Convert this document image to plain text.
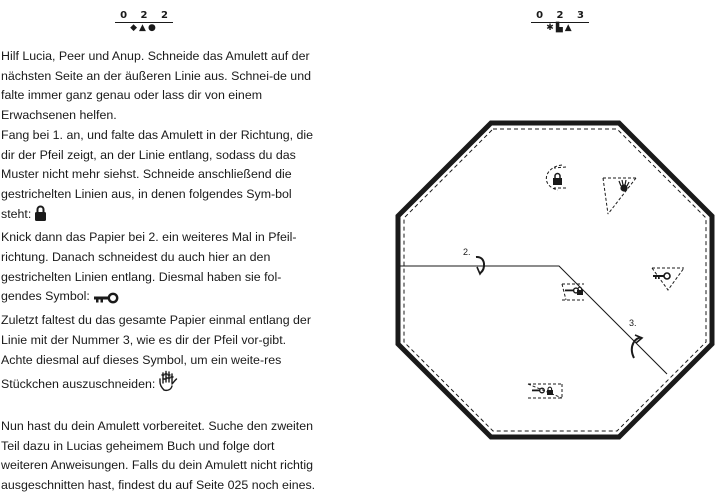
0 2 2
◆▲●
0 2 3
✱▙▲

Hilf Lucia, Peer und Anup. Schneide das Amulett auf der nächsten Seite an der äußeren Linie aus. Schnei-de und falte immer ganz genau oder lass dir von einem Erwachsenen helfen.

Fang bei 1. an, und falte das Amulett in der Richtung, die dir der Pfeil zeigt, an der Linie entlang, sodass du das Muster nicht mehr siehst. Schneide anschließend die gestrichelten Linien aus, in denen folgendes Sym-bol steht:

Knick dann das Papier bei 2. ein weiteres Mal in Pfeil-richtung. Danach schneidest du auch hier an den gestrichelten Linien entlang. Diesmal haben sie fol-gendes Symbol:

Zuletzt faltest du das gesamte Papier einmal entlang der Linie mit der Nummer 3, wie es dir der Pfeil vor-gibt. Achte diesmal auf dieses Symbol, um ein weite-res Stückchen auszuschneiden:

Nun hast du dein Amulett vorbereitet. Suche den zweiten Teil dazu in Lucias geheimem Buch und folge dort weiteren Anweisungen. Falls du dein Amulett nicht richtig ausgeschnitten hast, findest du auf Seite 025 noch eines.

2.
3.
